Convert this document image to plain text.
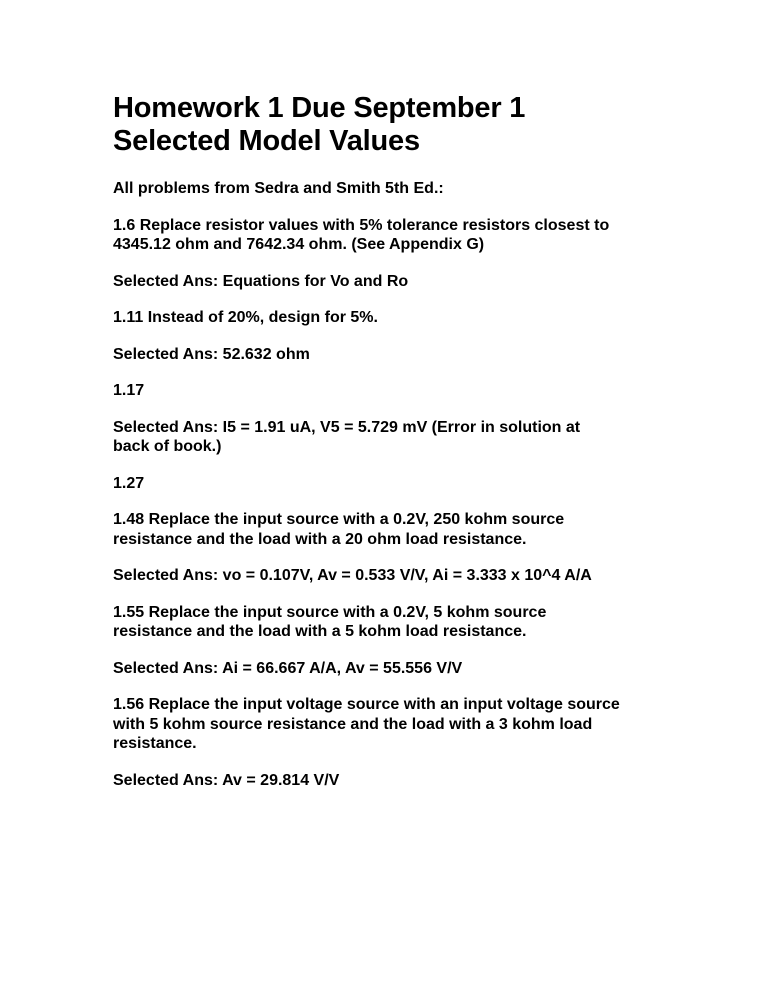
Homework 1 Due September 1
Selected Model Values

All problems from Sedra and Smith 5th Ed.:

1.6 Replace resistor values with 5% tolerance resistors closest to
4345.12 ohm and 7642.34 ohm. (See Appendix G)

Selected Ans: Equations for Vo and Ro

1.11 Instead of 20%, design for 5%.

Selected Ans: 52.632 ohm

1.17

Selected Ans: I5 = 1.91 uA, V5 = 5.729 mV (Error in solution at
back of book.)

1.27

1.48 Replace the input source with a 0.2V, 250 kohm source
resistance and the load with a 20 ohm load resistance.

Selected Ans: vo = 0.107V, Av = 0.533 V/V, Ai = 3.333 x 10^4 A/A

1.55 Replace the input source with a 0.2V, 5 kohm source
resistance and the load with a 5 kohm load resistance.

Selected Ans: Ai = 66.667 A/A, Av = 55.556 V/V

1.56 Replace the input voltage source with an input voltage source
with 5 kohm source resistance and the load with a 3 kohm load
resistance.

Selected Ans: Av = 29.814 V/V
